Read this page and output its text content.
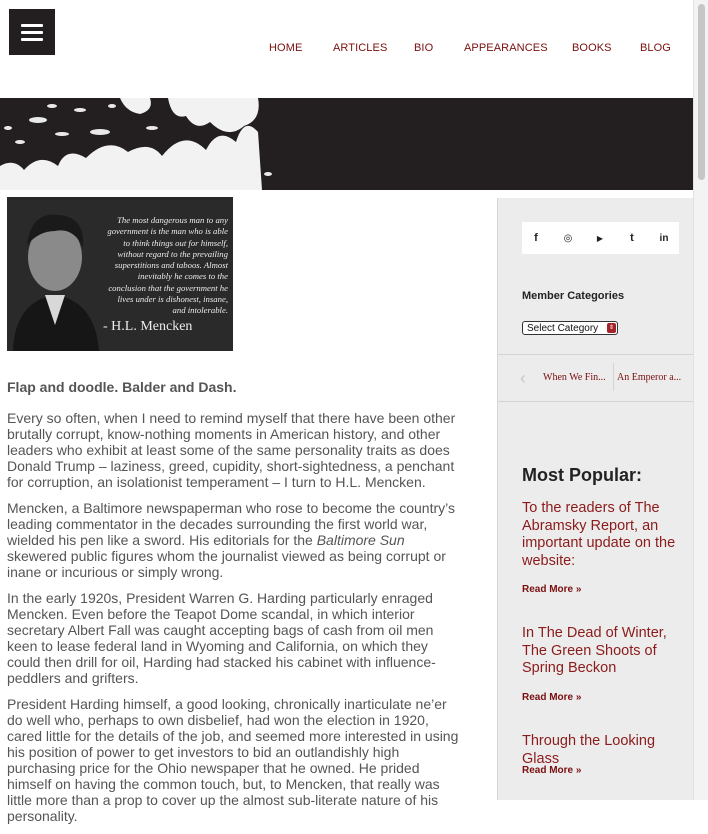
HOME	ARTICLES BIO	APPEARANCES BOOKS	BLOG
The most dangerous man to any government is the man who is able to think things out for himself, without regard to the prevailing superstitions and taboos. Almost inevitably he comes to the conclusion that the government he lives under is dishonest, insane, and intolerable.
- H.L. Mencken
Flap and doodle. Balder and Dash.

Every so often, when I need to remind myself that there have been other brutally corrupt, know-nothing moments in American history, and other leaders who exhibit at least some of the same personality traits as does Donald Trump – laziness, greed, cupidity, short-sightedness, a penchant for corruption, an isolationist temperament – I turn to H.L. Mencken.

Mencken, a Baltimore newspaperman who rose to become the country’s leading commentator in the decades surrounding the first world war, wielded his pen like a sword. His editorials for the Baltimore Sun skewered public figures whom the journalist viewed as being corrupt or inane or incurious or simply wrong.

In the early 1920s, President Warren G. Harding particularly enraged Mencken. Even before the Teapot Dome scandal, in which interior secretary Albert Fall was caught accepting bags of cash from oil men keen to lease federal land in Wyoming and California, on which they could then drill for oil, Harding had stacked his cabinet with influence-peddlers and grifters.

President Harding himself, a good looking, chronically inarticulate ne’er do well who, perhaps to own disbelief, had won the election in 1920, cared little for the details of the job, and seemed more interested in using his position of power to get investors to bid an outlandishly high purchasing price for the Ohio newspaper that he owned. He prided himself on having the common touch, but, to Mencken, that really was little more than a prop to cover up the almost sub-literate nature of his personality.

f	◎	▶	t	in
Member Categories
Select Category	⇕
‹ When We Fin...	An Emperor a...
Most Popular:
To the readers of The Abramsky Report, an important update on the website:
Read More »
In The Dead of Winter, The Green Shoots of Spring Beckon
Read More »
Through the Looking Glass
Read More »
